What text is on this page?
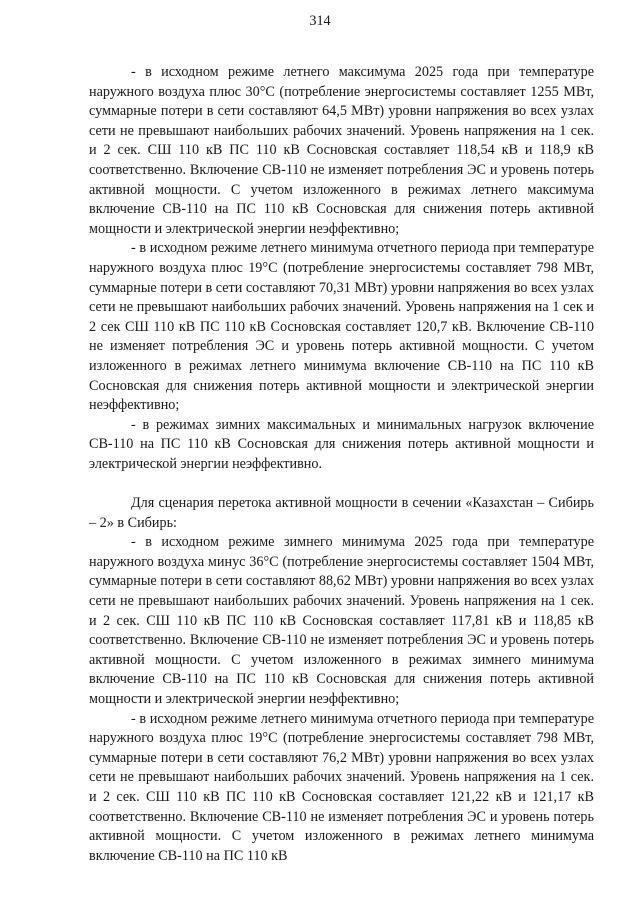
314

- в исходном режиме летнего максимума 2025 года при температуре наружного воздуха плюс 30°С (потребление энергосистемы составляет 1255 МВт, суммарные потери в сети составляют 64,5 МВт) уровни напряжения во всех узлах сети не превышают наибольших рабочих значений. Уровень напряжения на 1 сек. и 2 сек. СШ 110 кВ ПС 110 кВ Сосновская составляет 118,54 кВ и 118,9 кВ соответственно. Включение СВ-110 не изменяет потребления ЭС и уровень потерь активной мощности. С учетом изложенного в режимах летнего максимума включение СВ-110 на ПС 110 кВ Сосновская для снижения потерь активной мощности и электрической энергии неэффективно;

- в исходном режиме летнего минимума отчетного периода при температуре наружного воздуха плюс 19°С (потребление энергосистемы составляет 798 МВт, суммарные потери в сети составляют 70,31 МВт) уровни напряжения во всех узлах сети не превышают наибольших рабочих значений. Уровень напряжения на 1 сек и 2 сек СШ 110 кВ ПС 110 кВ Сосновская составляет 120,7 кВ. Включение СВ-110 не изменяет потребления ЭС и уровень потерь активной мощности. С учетом изложенного в режимах летнего минимума включение СВ-110 на ПС 110 кВ Сосновская для снижения потерь активной мощности и электрической энергии неэффективно;

- в режимах зимних максимальных и минимальных нагрузок включение СВ-110 на ПС 110 кВ Сосновская для снижения потерь активной мощности и электрической энергии неэффективно.

Для сценария перетока активной мощности в сечении «Казахстан – Сибирь – 2» в Сибирь:

- в исходном режиме зимнего минимума 2025 года при температуре наружного воздуха минус 36°С (потребление энергосистемы составляет 1504 МВт, суммарные потери в сети составляют 88,62 МВт) уровни напряжения во всех узлах сети не превышают наибольших рабочих значений. Уровень напряжения на 1 сек. и 2 сек. СШ 110 кВ ПС 110 кВ Сосновская составляет 117,81 кВ и 118,85 кВ соответственно. Включение СВ-110 не изменяет потребления ЭС и уровень потерь активной мощности. С учетом изложенного в режимах зимнего минимума включение СВ-110 на ПС 110 кВ Сосновская для снижения потерь активной мощности и электрической энергии неэффективно;

- в исходном режиме летнего минимума отчетного периода при температуре наружного воздуха плюс 19°С (потребление энергосистемы составляет 798 МВт, суммарные потери в сети составляют 76,2 МВт) уровни напряжения во всех узлах сети не превышают наибольших рабочих значений. Уровень напряжения на 1 сек. и 2 сек. СШ 110 кВ ПС 110 кВ Сосновская составляет 121,22 кВ и 121,17 кВ соответственно. Включение СВ-110 не изменяет потребления ЭС и уровень потерь активной мощности. С учетом изложенного в режимах летнего минимума включение СВ-110 на ПС 110 кВ
